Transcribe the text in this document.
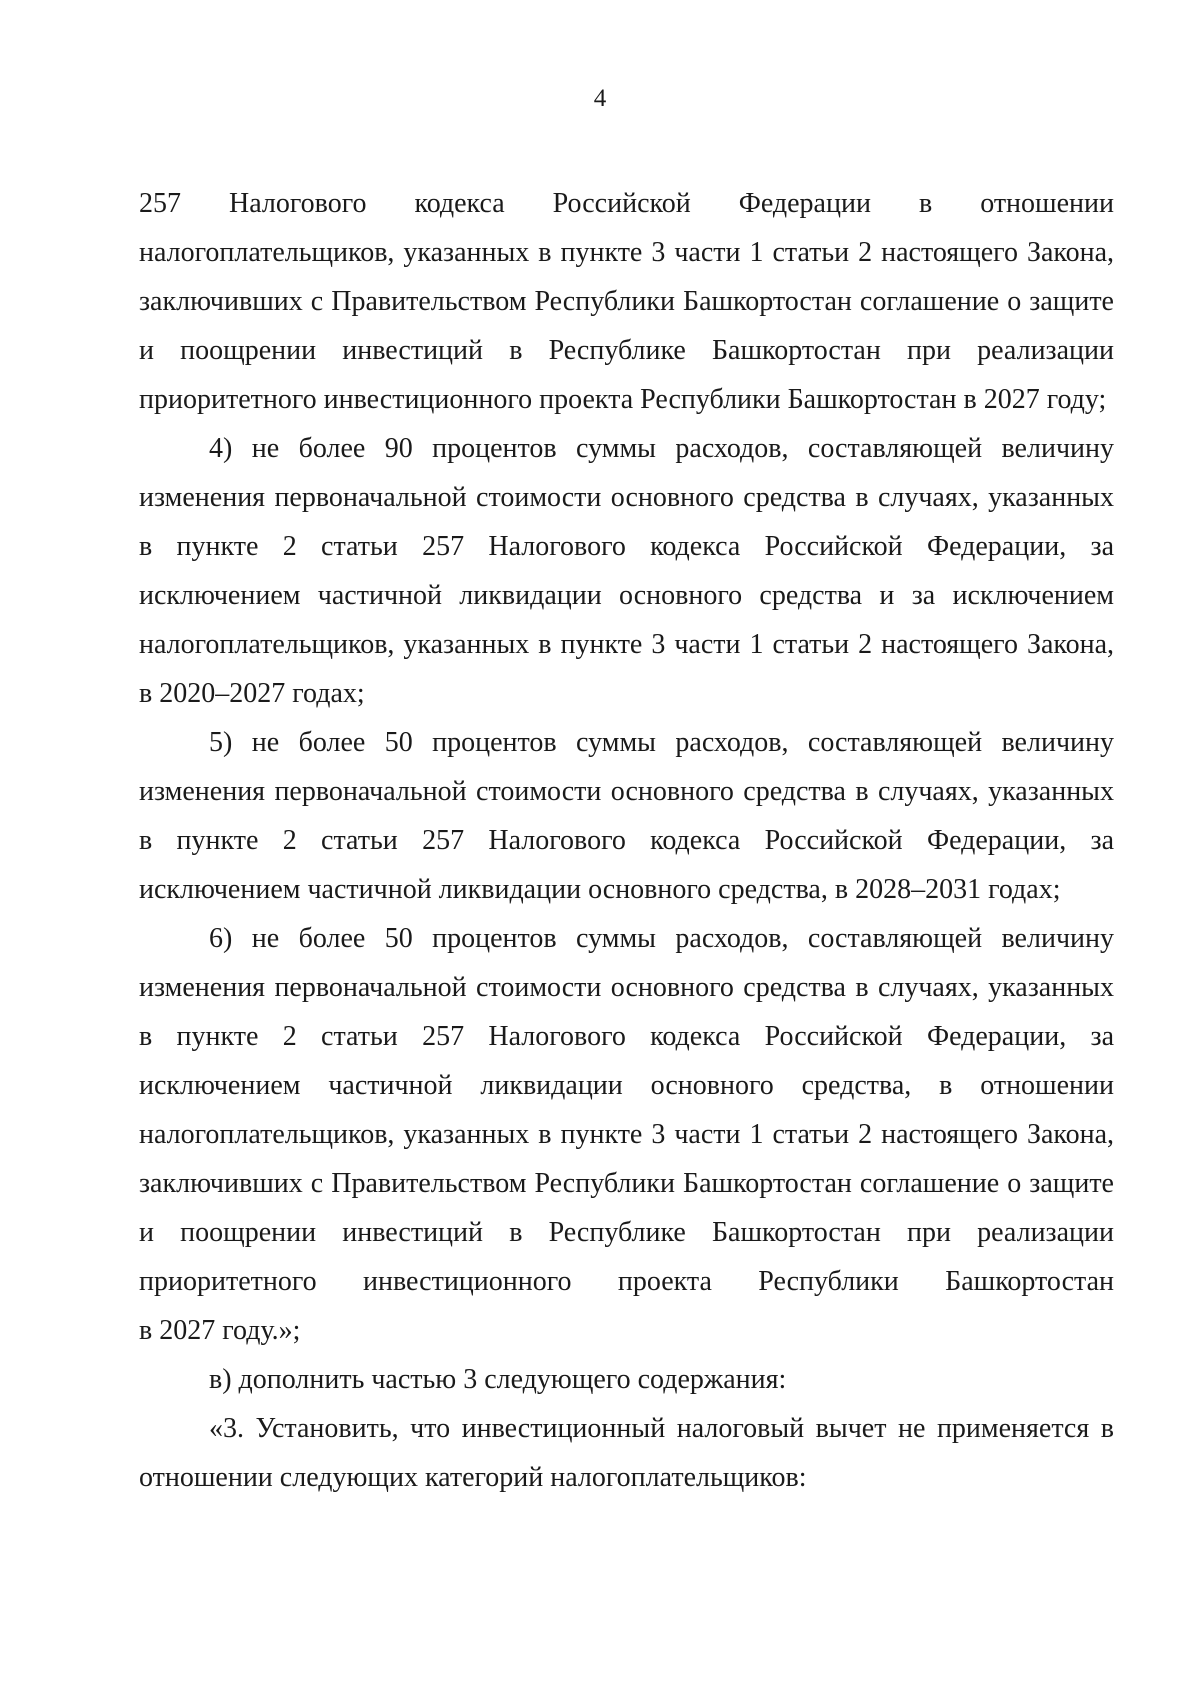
4
257 Налогового кодекса Российской Федерации в отношении
налогоплательщиков, указанных в пункте 3 части 1 статьи 2 настоящего Закона,
заключивших с Правительством Республики Башкортостан соглашение о защите
и поощрении инвестиций в Республике Башкортостан при реализации
приоритетного инвестиционного проекта Республики Башкортостан в 2027 году;
4) не более 90 процентов суммы расходов, составляющей величину
изменения первоначальной стоимости основного средства в случаях, указанных
в пункте 2 статьи 257 Налогового кодекса Российской Федерации, за
исключением частичной ликвидации основного средства и за исключением
налогоплательщиков, указанных в пункте 3 части 1 статьи 2 настоящего Закона,
в 2020–2027 годах;
5) не более 50 процентов суммы расходов, составляющей величину
изменения первоначальной стоимости основного средства в случаях, указанных
в пункте 2 статьи 257 Налогового кодекса Российской Федерации, за
исключением частичной ликвидации основного средства, в 2028–2031 годах;
6) не более 50 процентов суммы расходов, составляющей величину
изменения первоначальной стоимости основного средства в случаях, указанных
в пункте 2 статьи 257 Налогового кодекса Российской Федерации, за
исключением частичной ликвидации основного средства, в отношении
налогоплательщиков, указанных в пункте 3 части 1 статьи 2 настоящего Закона,
заключивших с Правительством Республики Башкортостан соглашение о защите
и поощрении инвестиций в Республике Башкортостан при реализации
приоритетного инвестиционного проекта Республики Башкортостан
в 2027 году.»;
в) дополнить частью 3 следующего содержания:
«3. Установить, что инвестиционный налоговый вычет не применяется в
отношении следующих категорий налогоплательщиков:
